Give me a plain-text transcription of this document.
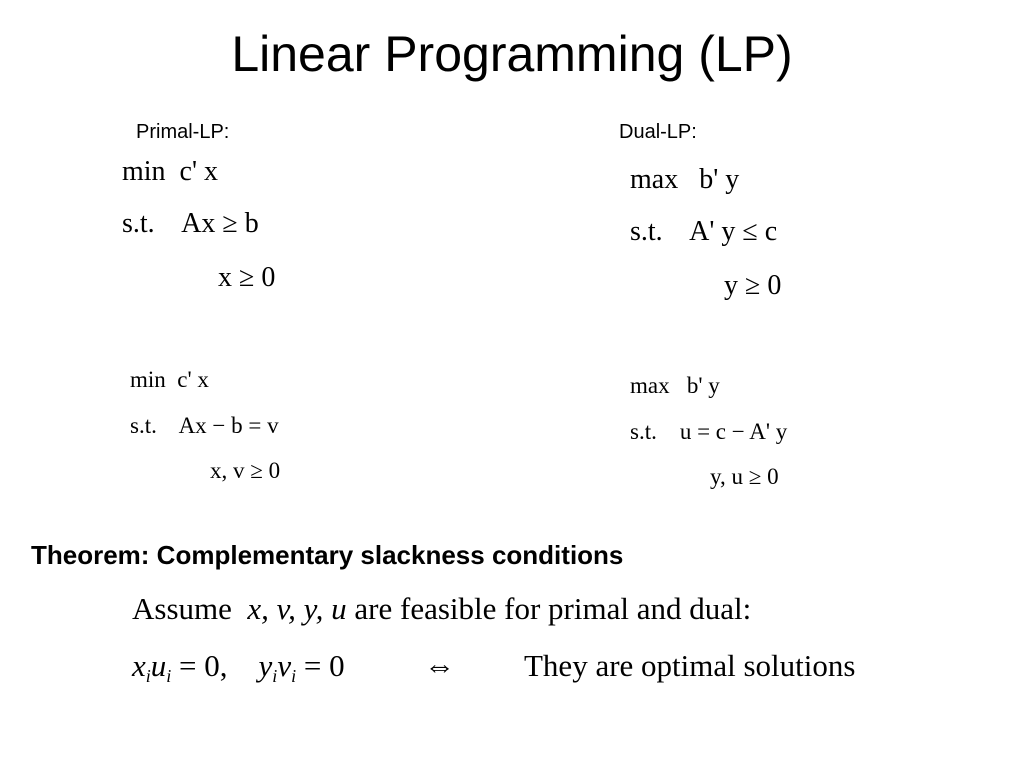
Linear Programming (LP)
Primal-LP:	Dual-LP:
min  c' x
s.t.    Ax ≥ b
x ≥ 0
max   b' y
s.t.    A' y ≤ c
y ≥ 0
min  c' x
s.t.    Ax − b = v
x, v ≥ 0
max   b' y
s.t.    u = c − A' y
y, u ≥ 0
Theorem: Complementary slackness conditions
Assume x, v, y, u are feasible for primal and dual:
$x_iu_i = 0$,    $y_iv_i = 0$	⇔ They are optimal solutions
